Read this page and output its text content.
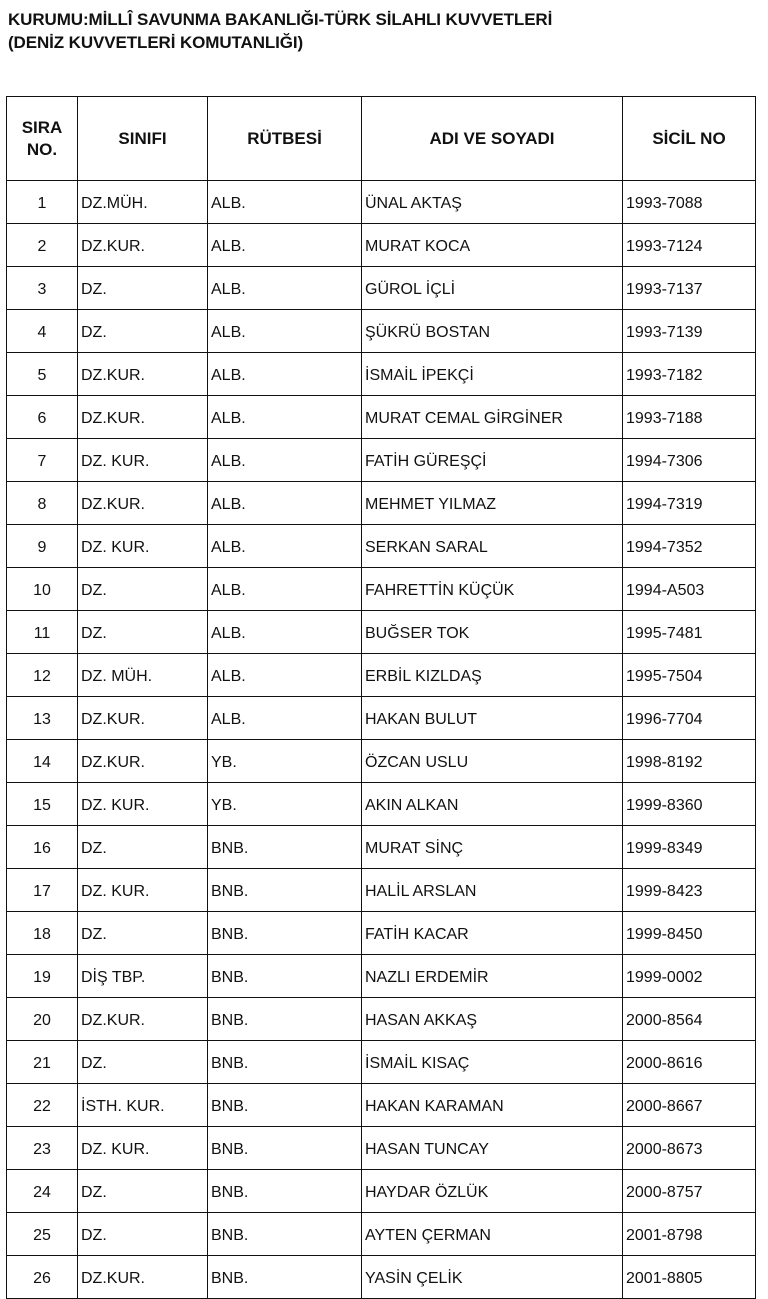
KURUMU:MİLLÎ SAVUNMA BAKANLIĞI-TÜRK SİLAHLI KUVVETLERİ
(DENİZ KUVVETLERİ KOMUTANLIĞI)
SIRA
NO.	SINIFI	RÜTBESİ	ADI VE SOYADI	SİCİL NO
1	DZ.MÜH.	ALB.	ÜNAL AKTAŞ	1993-7088
2	DZ.KUR.	ALB.	MURAT KOCA	1993-7124
3	DZ.	ALB.	GÜROL İÇLİ	1993-7137
4	DZ.	ALB.	ŞÜKRÜ BOSTAN	1993-7139
5	DZ.KUR.	ALB.	İSMAİL İPEKÇİ	1993-7182
6	DZ.KUR.	ALB.	MURAT CEMAL GİRGİNER	1993-7188
7	DZ. KUR.	ALB.	FATİH GÜREŞÇİ	1994-7306
8	DZ.KUR.	ALB.	MEHMET YILMAZ	1994-7319
9	DZ. KUR.	ALB.	SERKAN SARAL	1994-7352
10	DZ.	ALB.	FAHRETTİN KÜÇÜK	1994-A503
11	DZ.	ALB.	BUĞSER TOK	1995-7481
12	DZ. MÜH.	ALB.	ERBİL KIZLDAŞ	1995-7504
13	DZ.KUR.	ALB.	HAKAN BULUT	1996-7704
14	DZ.KUR.	YB.	ÖZCAN USLU	1998-8192
15	DZ. KUR.	YB.	AKIN ALKAN	1999-8360
16	DZ.	BNB.	MURAT SİNÇ	1999-8349
17	DZ. KUR.	BNB.	HALİL ARSLAN	1999-8423
18	DZ.	BNB.	FATİH KACAR	1999-8450
19	DİŞ TBP.	BNB.	NAZLI ERDEMİR	1999-0002
20	DZ.KUR.	BNB.	HASAN AKKAŞ	2000-8564
21	DZ.	BNB.	İSMAİL KISAÇ	2000-8616
22	İSTH. KUR.	BNB.	HAKAN KARAMAN	2000-8667
23	DZ. KUR.	BNB.	HASAN TUNCAY	2000-8673
24	DZ.	BNB.	HAYDAR ÖZLÜK	2000-8757
25	DZ.	BNB.	AYTEN ÇERMAN	2001-8798
26	DZ.KUR.	BNB.	YASİN ÇELİK	2001-8805
